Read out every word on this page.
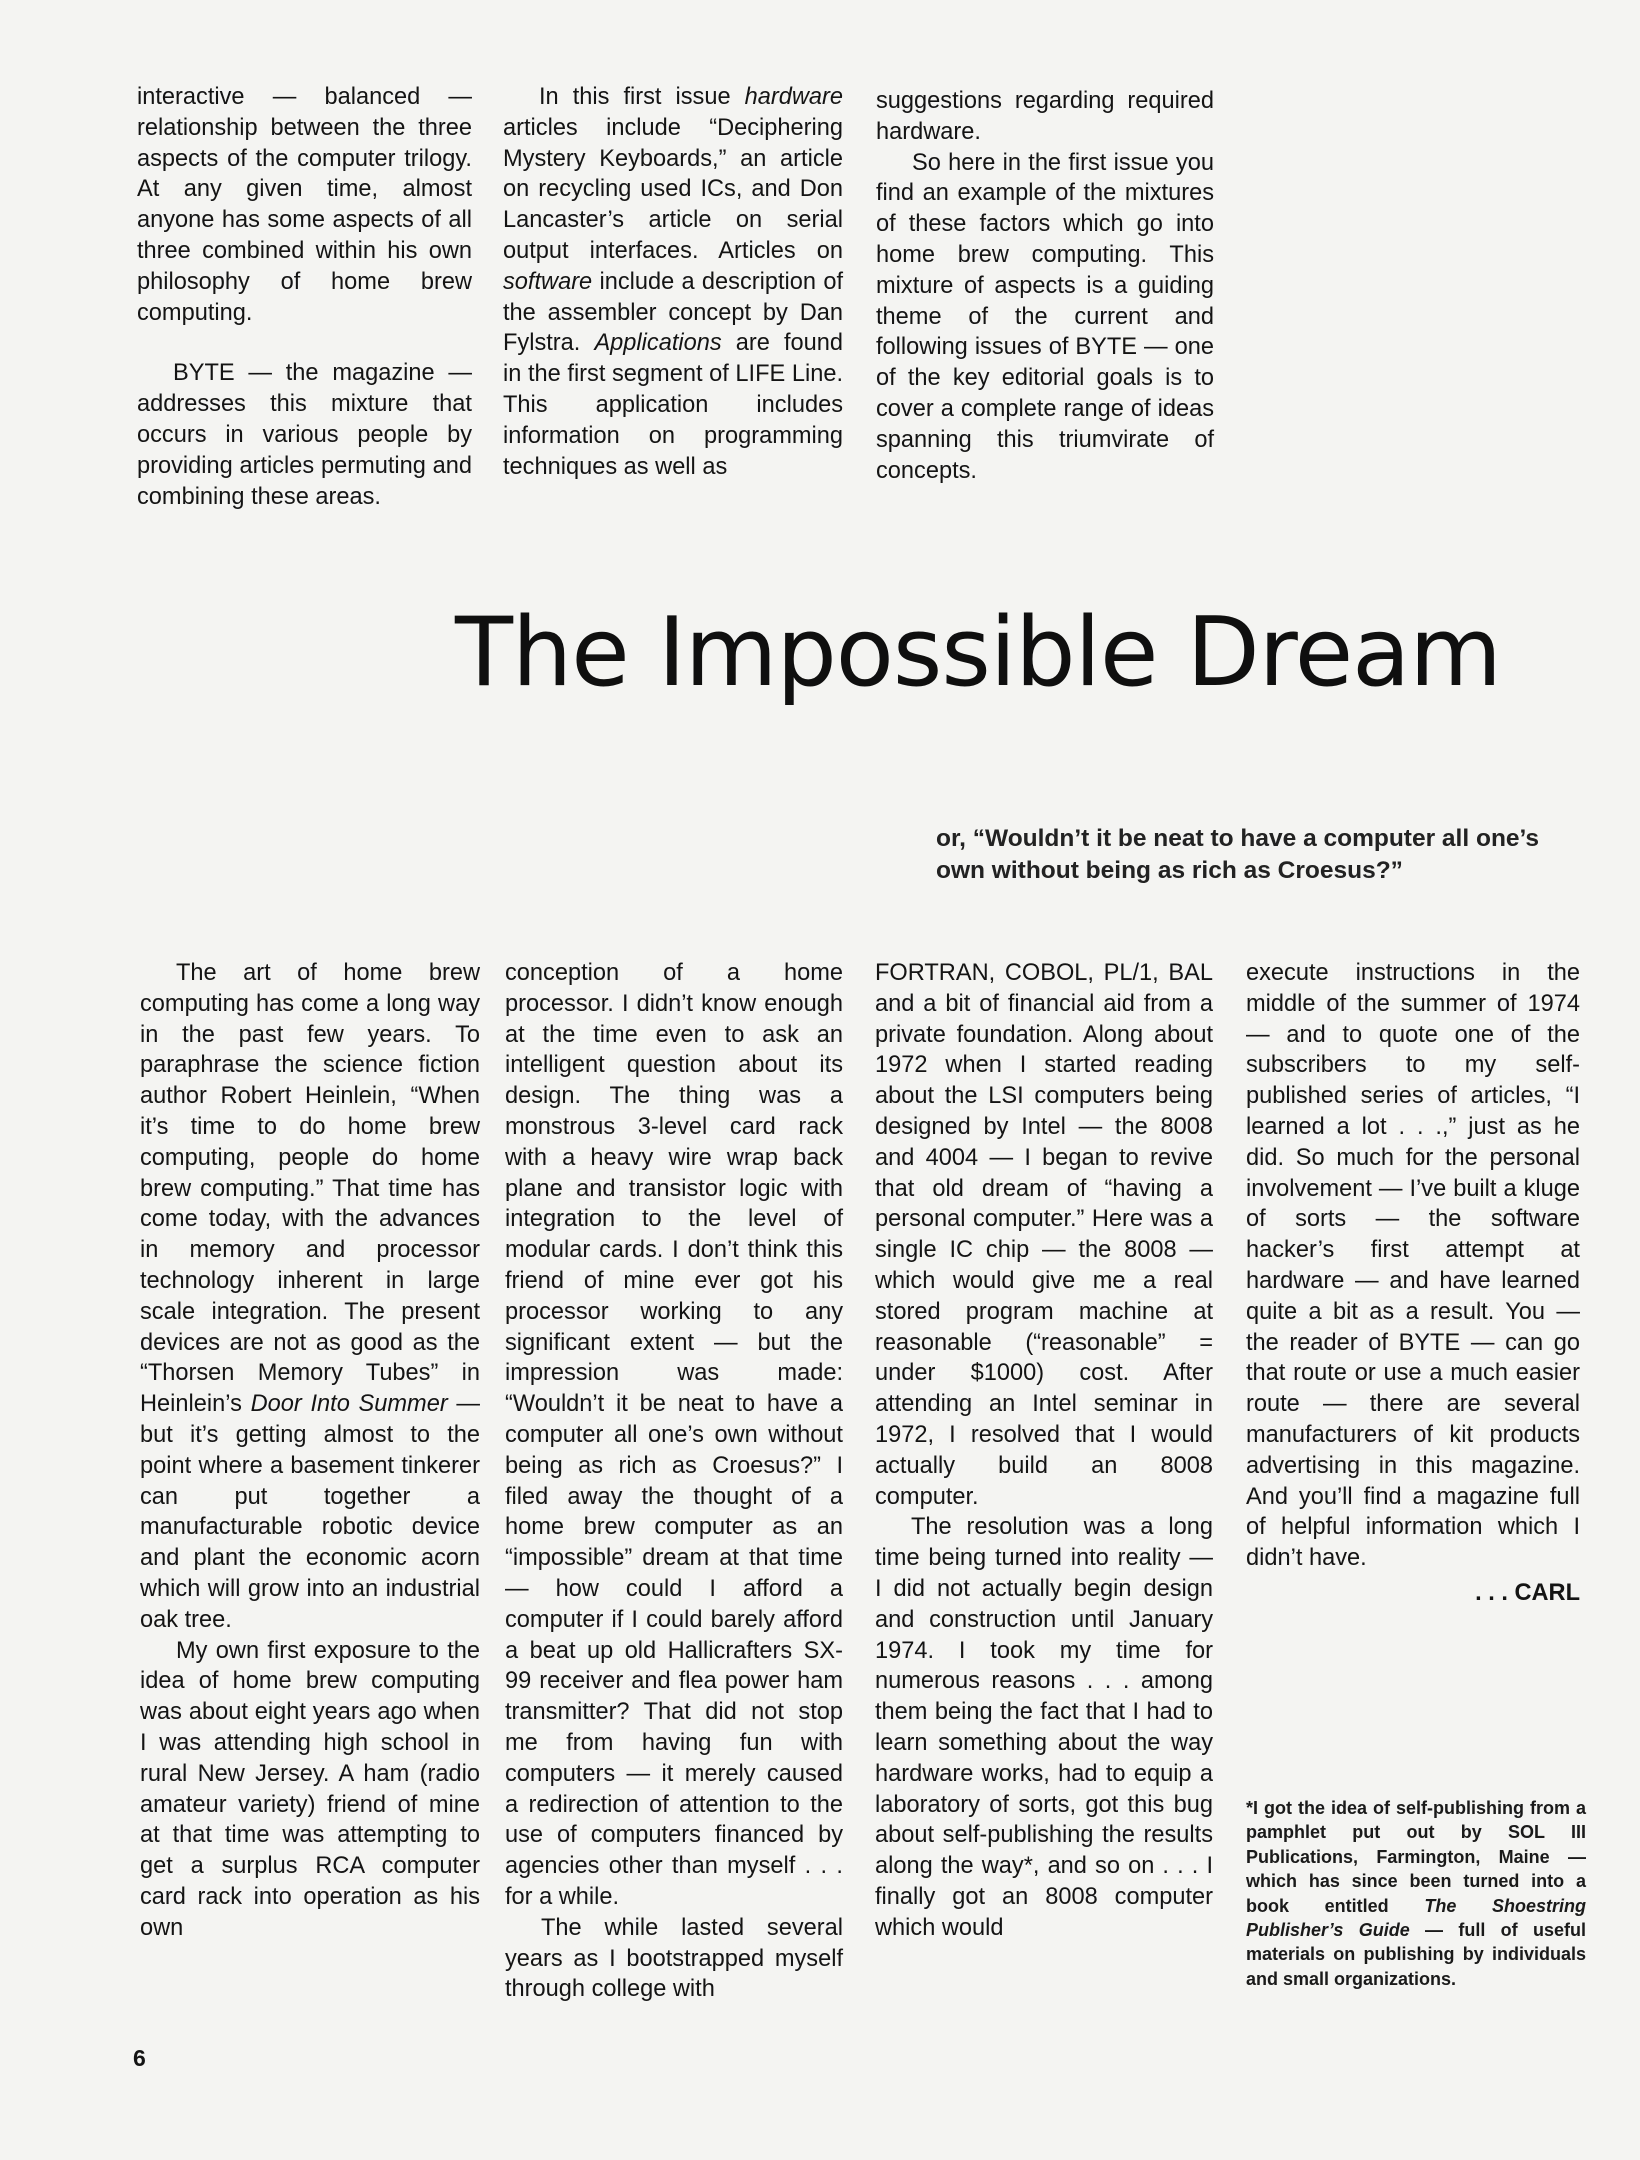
interactive — balanced — relationship between the three aspects of the computer trilogy. At any given time, almost anyone has some aspects of all three combined within his own philosophy of home brew computing.

BYTE — the magazine — addresses this mixture that occurs in various people by providing articles permuting and combining these areas.

In this first issue hardware articles include “Deciphering Mystery Keyboards,” an article on recycling used ICs, and Don Lancaster’s article on serial output interfaces. Articles on software include a description of the assembler concept by Dan Fylstra. Applications are found in the first segment of LIFE Line. This application includes information on programming techniques as well as

suggestions regarding required hardware.

So here in the first issue you find an example of the mixtures of these factors which go into home brew computing. This mixture of aspects is a guiding theme of the current and following issues of BYTE — one of the key editorial goals is to cover a complete range of ideas spanning this triumvirate of concepts.

The Impossible Dream
or, “Wouldn’t it be neat to have a computer all one’s own without being as rich as Croesus?”

The art of home brew computing has come a long way in the past few years. To paraphrase the science fiction author Robert Heinlein, “When it’s time to do home brew computing, people do home brew computing.” That time has come today, with the advances in memory and processor technology inherent in large scale integration. The present devices are not as good as the “Thorsen Memory Tubes” in Heinlein’s Door Into Summer — but it’s getting almost to the point where a basement tinkerer can put together a manufacturable robotic device and plant the economic acorn which will grow into an industrial oak tree.

My own first exposure to the idea of home brew computing was about eight years ago when I was attending high school in rural New Jersey. A ham (radio amateur variety) friend of mine at that time was attempting to get a surplus RCA computer card rack into operation as his own

conception of a home processor. I didn’t know enough at the time even to ask an intelligent question about its design. The thing was a monstrous 3-level card rack with a heavy wire wrap back plane and transistor logic with integration to the level of modular cards. I don’t think this friend of mine ever got his processor working to any significant extent — but the impression was made: “Wouldn’t it be neat to have a computer all one’s own without being as rich as Croesus?” I filed away the thought of a home brew computer as an “impossible” dream at that time — how could I afford a computer if I could barely afford a beat up old Hallicrafters SX-99 receiver and flea power ham transmitter? That did not stop me from having fun with computers — it merely caused a redirection of attention to the use of computers financed by agencies other than myself . . . for a while.

The while lasted several years as I bootstrapped myself through college with

FORTRAN, COBOL, PL/1, BAL and a bit of financial aid from a private foundation. Along about 1972 when I started reading about the LSI computers being designed by Intel — the 8008 and 4004 — I began to revive that old dream of “having a personal computer.” Here was a single IC chip — the 8008 — which would give me a real stored program machine at reasonable (“reasonable” = under $1000) cost. After attending an Intel seminar in 1972, I resolved that I would actually build an 8008 computer.

The resolution was a long time being turned into reality — I did not actually begin design and construction until January 1974. I took my time for numerous reasons . . . among them being the fact that I had to learn something about the way hardware works, had to equip a laboratory of sorts, got this bug about self-publishing the results along the way*, and so on . . . I finally got an 8008 computer which would

execute instructions in the middle of the summer of 1974 — and to quote one of the subscribers to my self-published series of articles, “I learned a lot . . .,” just as he did. So much for the personal involvement — I’ve built a kluge of sorts — the software hacker’s first attempt at hardware — and have learned quite a bit as a result. You — the reader of BYTE — can go that route or use a much easier route — there are several manufacturers of kit products advertising in this magazine. And you’ll find a magazine full of helpful information which I didn’t have.

. . . CARL
*I got the idea of self-publishing from a pamphlet put out by SOL III Publications, Farmington, Maine — which has since been turned into a book entitled The Shoestring Publisher’s Guide — full of useful materials on publishing by individuals and small organizations.
6
